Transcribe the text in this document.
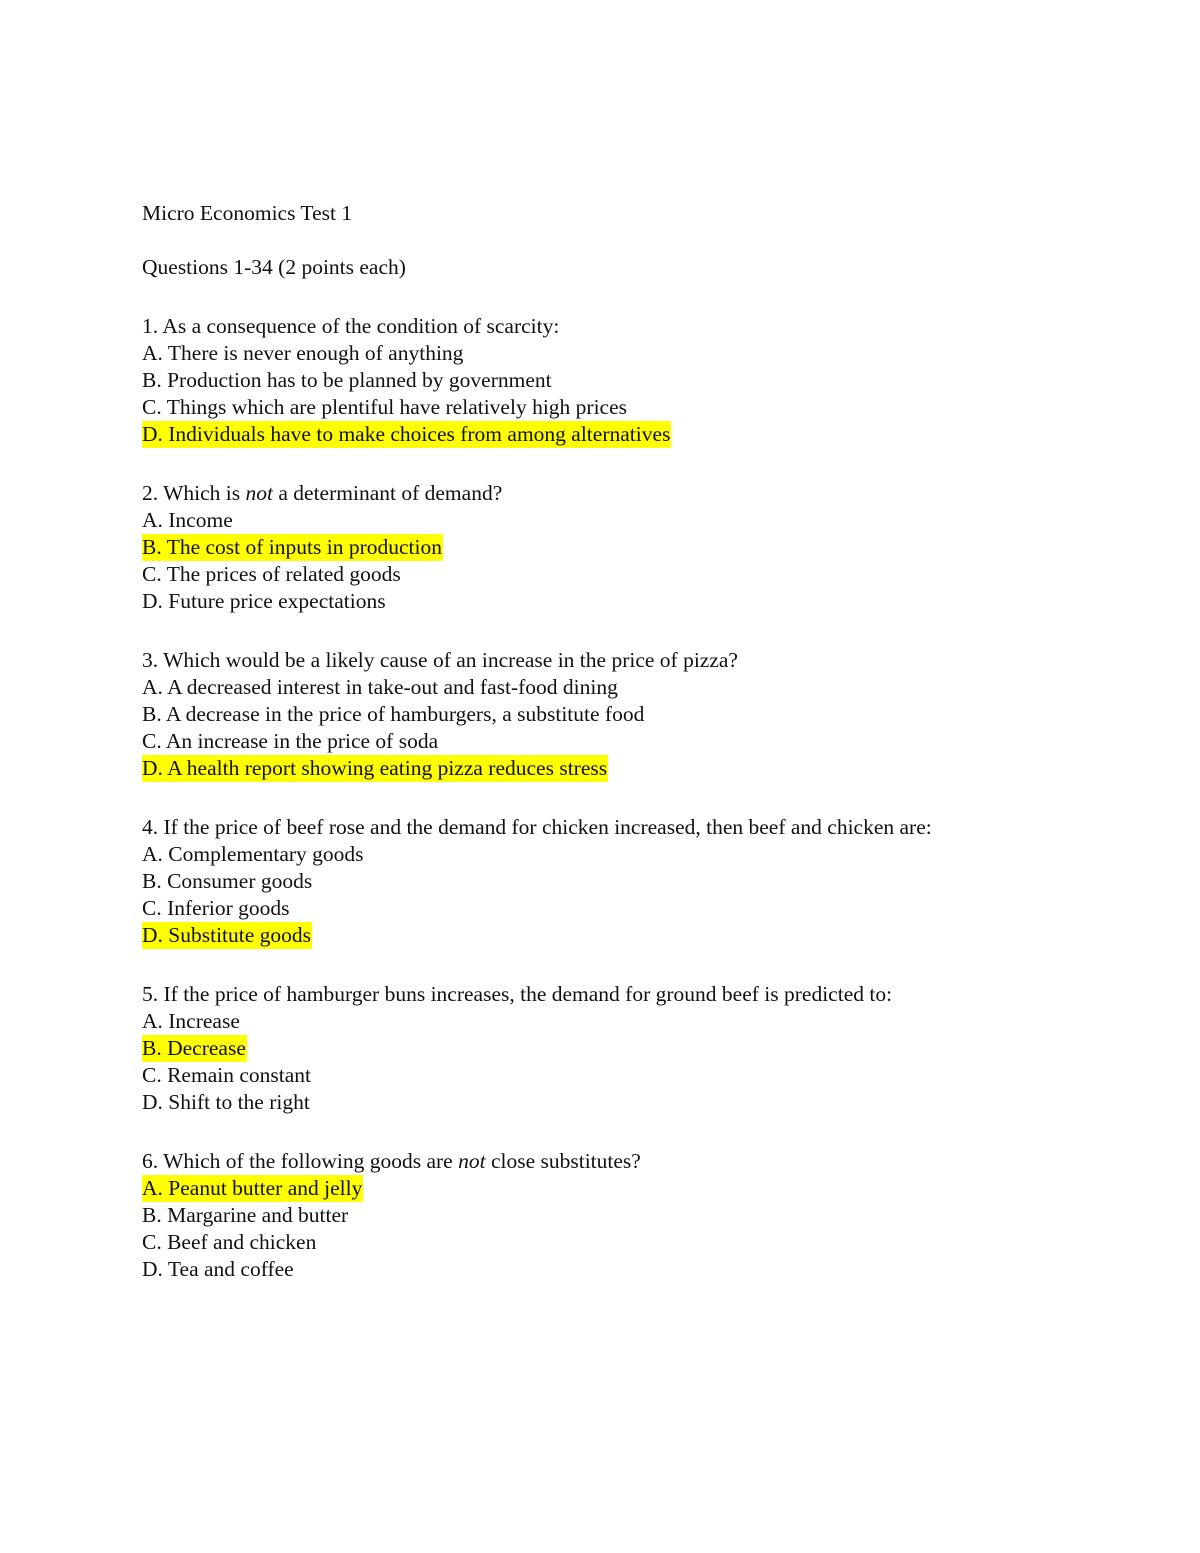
Micro Economics Test 1
Questions 1-34 (2 points each)
1. As a consequence of the condition of scarcity:
A. There is never enough of anything
B. Production has to be planned by government
C. Things which are plentiful have relatively high prices
D. Individuals have to make choices from among alternatives
2. Which is not a determinant of demand?
A. Income
B. The cost of inputs in production
C. The prices of related goods
D. Future price expectations
3. Which would be a likely cause of an increase in the price of pizza?
A. A decreased interest in take-out and fast-food dining
B. A decrease in the price of hamburgers, a substitute food
C. An increase in the price of soda
D. A health report showing eating pizza reduces stress
4. If the price of beef rose and the demand for chicken increased, then beef and chicken are:
A. Complementary goods
B. Consumer goods
C. Inferior goods
D. Substitute goods
5. If the price of hamburger buns increases, the demand for ground beef is predicted to:
A. Increase
B. Decrease
C. Remain constant
D. Shift to the right
6. Which of the following goods are not close substitutes?
A. Peanut butter and jelly
B. Margarine and butter
C. Beef and chicken
D. Tea and coffee
